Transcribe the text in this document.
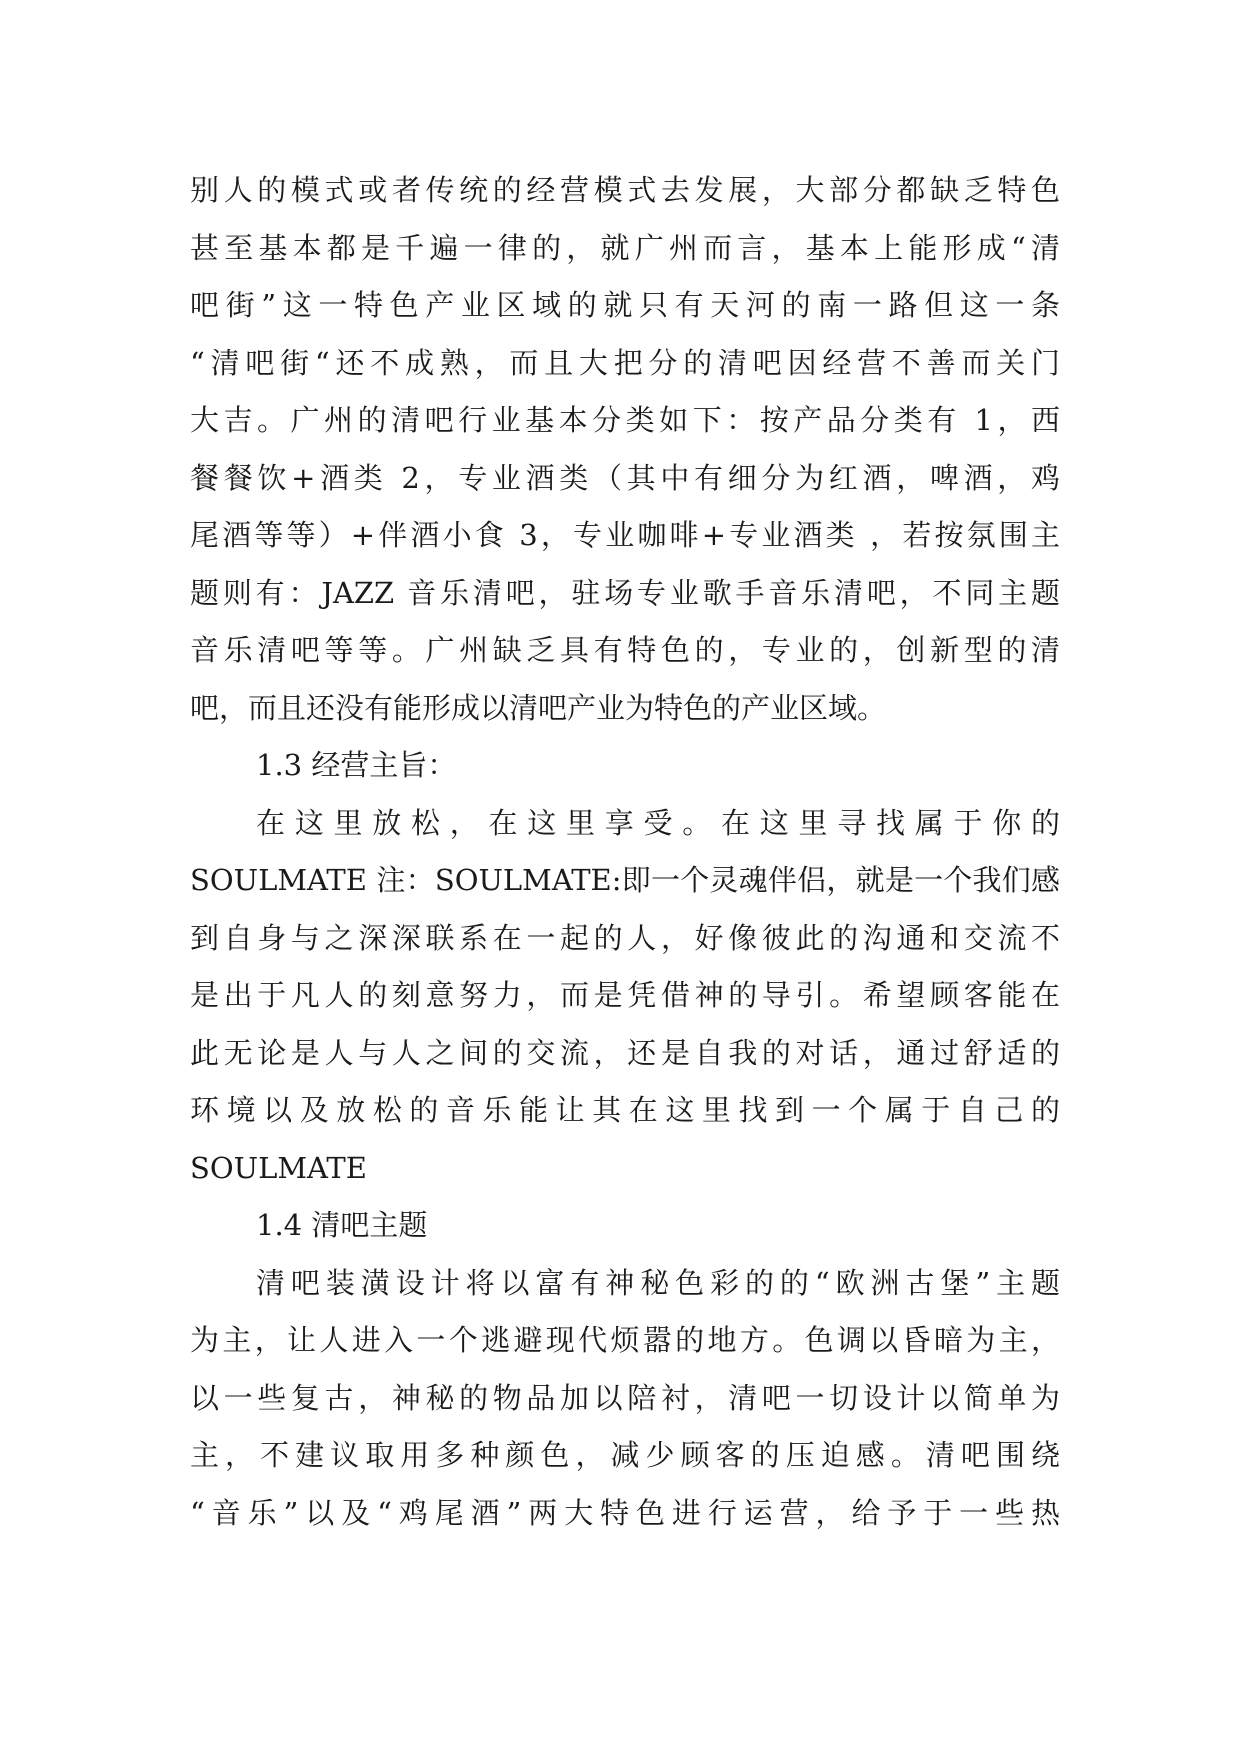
别人的模式或者传统的经营模式去发展，大部分都缺乏特色
甚至基本都是千遍一律的，就广州而言，基本上能形成“清
吧街”这一特色产业区域的就只有天河的南一路但这一条
“清吧街“还不成熟，而且大把分的清吧因经营不善而关门
大吉。广州的清吧行业基本分类如下：按产品分类有 1，西
餐餐饮+酒类 2，专业酒类（其中有细分为红酒，啤酒，鸡
尾酒等等）+伴酒小食 3，专业咖啡+专业酒类 ，若按氛围主
题则有：JAZZ 音乐清吧，驻场专业歌手音乐清吧，不同主题
音乐清吧等等。广州缺乏具有特色的，专业的，创新型的清
吧，而且还没有能形成以清吧产业为特色的产业区域。
1.3 经营主旨：
在这里放松，在这里享受。在这里寻找属于你的
SOULMATE 注：SOULMATE:即一个灵魂伴侣，就是一个我们感
到自身与之深深联系在一起的人，好像彼此的沟通和交流不
是出于凡人的刻意努力，而是凭借神的导引。希望顾客能在
此无论是人与人之间的交流，还是自我的对话，通过舒适的
环境以及放松的音乐能让其在这里找到一个属于自己的
SOULMATE
1.4 清吧主题
清吧装潢设计将以富有神秘色彩的的“欧洲古堡”主题
为主，让人进入一个逃避现代烦嚣的地方。色调以昏暗为主，
以一些复古，神秘的物品加以陪衬，清吧一切设计以简单为
主，不建议取用多种颜色，减少顾客的压迫感。清吧围绕
“音乐”以及“鸡尾酒”两大特色进行运营，给予于一些热
